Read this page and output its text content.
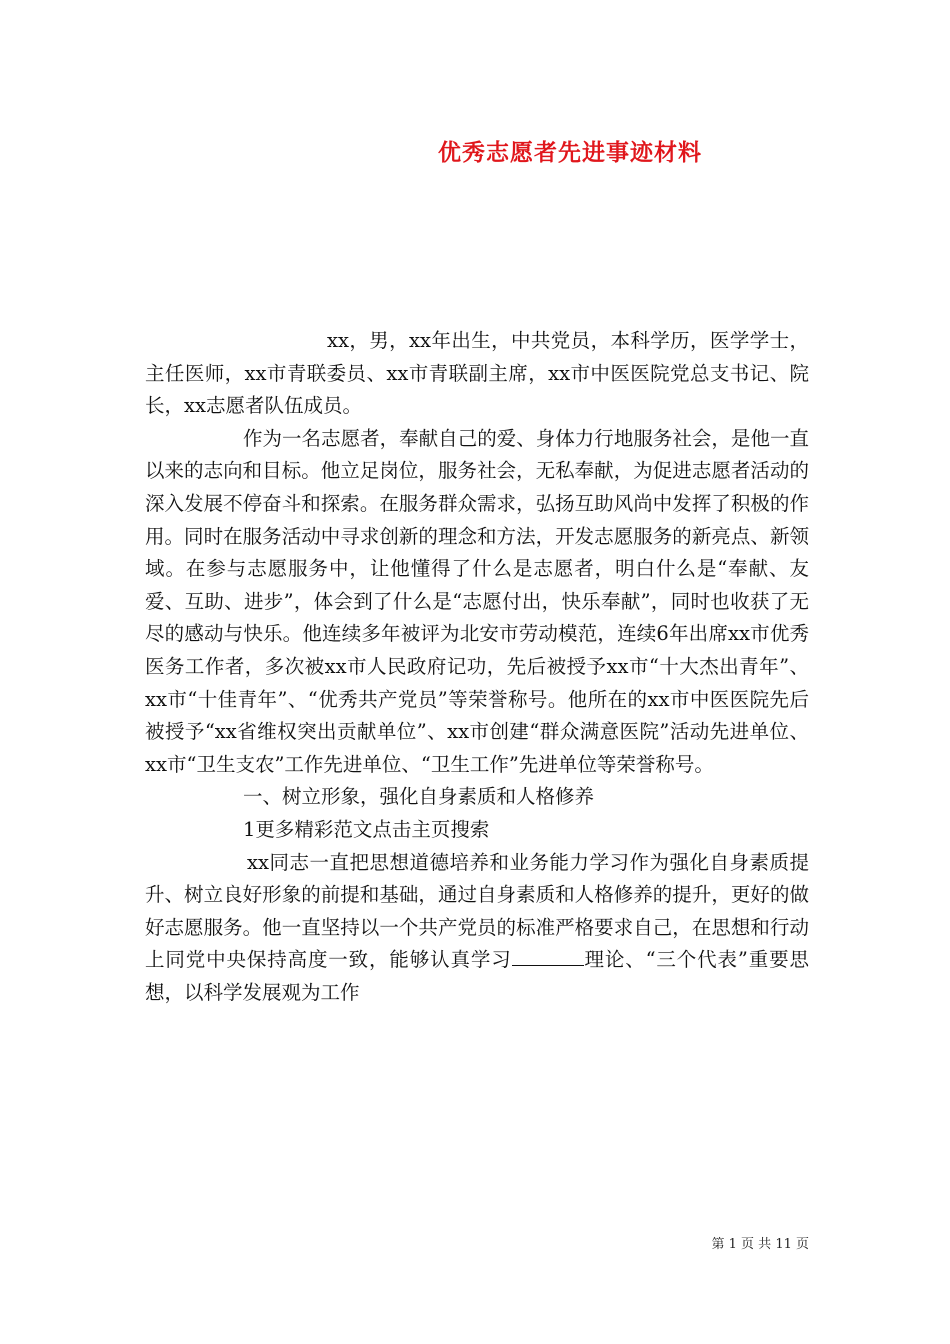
优秀志愿者先进事迹材料

xx，男，xx年出生，中共党员，本科学历，医学学士，主任医师，xx市青联委员、xx市青联副主席，xx市中医医院党总支书记、院长，xx志愿者队伍成员。

作为一名志愿者，奉献自己的爱、身体力行地服务社会，是他一直以来的志向和目标。他立足岗位，服务社会，无私奉献，为促进志愿者活动的深入发展不停奋斗和探索。在服务群众需求，弘扬互助风尚中发挥了积极的作用。同时在服务活动中寻求创新的理念和方法，开发志愿服务的新亮点、新领域。在参与志愿服务中，让他懂得了什么是志愿者，明白什么是“奉献、友爱、互助、进步”，体会到了什么是“志愿付出，快乐奉献”，同时也收获了无尽的感动与快乐。他连续多年被评为北安市劳动模范，连续6年出席xx市优秀医务工作者，多次被xx市人民政府记功，先后被授予xx市“十大杰出青年”、xx市“十佳青年”、“优秀共产党员”等荣誉称号。他所在的xx市中医医院先后被授予“xx省维权突出贡献单位”、xx市创建“群众满意医院”活动先进单位、xx市“卫生支农”工作先进单位、“卫生工作”先进单位等荣誉称号。

一、树立形象，强化自身素质和人格修养

1更多精彩范文点击主页搜索

xx同志一直把思想道德培养和业务能力学习作为强化自身素质提升、树立良好形象的前提和基础，通过自身素质和人格修养的提升，更好的做好志愿服务。他一直坚持以一个共产党员的标准严格要求自己，在思想和行动上同党中央保持高度一致，能够认真学习	理论、“三个代表”重要思想，以科学发展观为工作

第 1 页 共 11 页
